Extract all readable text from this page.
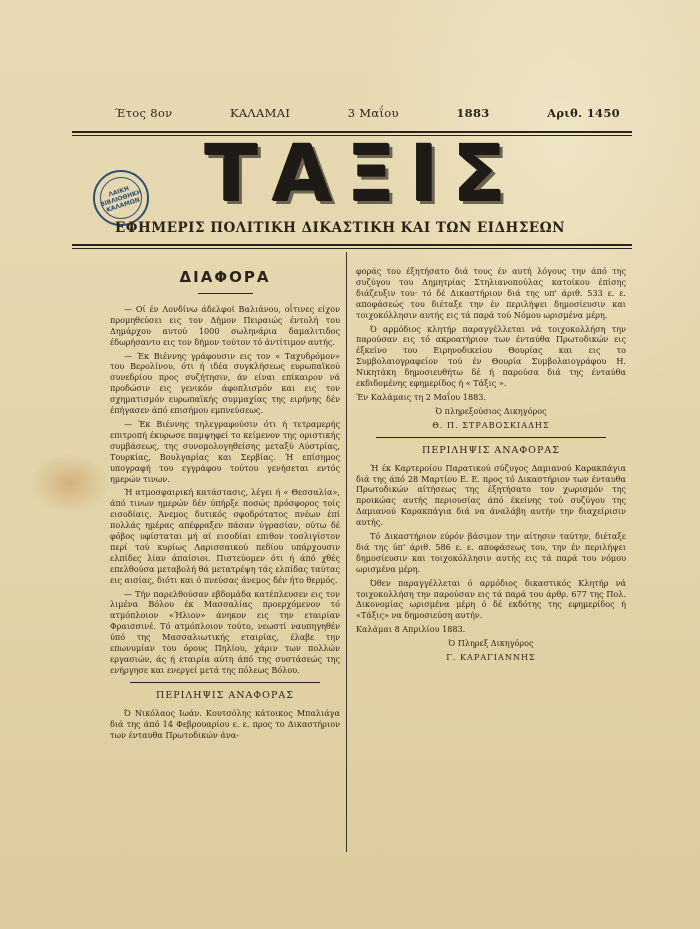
Έτος 8ον	ΚΑΛΑΜΑΙ	3 Μαΐου	1883	Αριθ. 1450
ΛΑΙΚΗ ΒΙΒΛΙΟΘΗΚΗ ΚΑΛΑΜΩΝ ΤΑΞΙΣ
ΕΦΗΜΕΡΙΣ ΠΟΛΙΤΙΚΗ ΔΙΚΑΣΤΙΚΗ ΚΑΙ ΤΩΝ ΕΙΔΗΣΕΩΝ
ΔΙΑΦΟΡΑ

— Οί έν Λονδίνω άδελφοί Βαλιάνου, οΐτινες είχον προμηθεύσει εις τον Δήμον Πειραιώς έντολή του Δημάρχου αυτού 1000 σωληνάρια δαμαλιτιδος έδωρήσαντο εις τον δήμον τούτον τό άντίτιμον αυτής.

— Έκ Βιέννης γράφουσιν εις τον « Ταχυδρόμον» του Βερολίνου, ότι ή ιδέα συγκλήσεως ευρωπαϊκού συνεδρίου προς συζήτησιν, άν είναι επίκαιρον νά προδώσιν εις γενικόν άφοπλισμόν και εις τον σχηματισμόν ευρωπαϊκής συμμαχίας της ειρήνης δέν έπήγασεν άπό επισήμου εμπνεύσεως.

— Έκ Βιέννης τηλεγραφούσιν ότι ή τετραμερής επιτροπή έκυρωσε παμψηφεί το κείμενον της οριστικής συμβάσεως, της συνομολογηθείσης μεταξύ Αύστρίας, Τουρκίας, Βουλγαρίας και Σερβίας. Ή επίσημος υπογραφή του εγγράφου τούτου γενήσεται εντός ημερών τινων.

Ή ατμοσφαιρική κατάστασις, λέγει ή « Θεσσαλία», άπό τινων ημερών δέν ύπήρξε ποσώς πρόσφορος τοίς εισοδίαις. Άνεμος δυτικός σφοδρότατος πνέων έπί πολλάς ημέρας απέφραξεν πάσαν ύγρασίαν, ούτω δέ φόβος υφίσταται μή αί εισοδίαι επιθον τοσλιγίστον περί τού κυρίως Λαρισσαικού πεδίου υπάρχουσιν ελπίδες λίαν άπαίσιοι. Πιστεύομεν ότι ή άπό χθές επελθούσα μεταβολή θά μετατρέψη τάς ελπίδας ταύτας εις αισίας, διότι και ό πνεύσας άνεμος δέν ήτο θερμός.

— Τήν παρελθούσαν εβδομάδα κατέπλευσεν εις τον λιμένα Βόλου έκ Μασσαλίας προερχόμενον τό ατμόπλοιον «Ήλιον» άνηκον εις την εταιρίαν Φραισσινέ. Τό ατμόπλοιον τούτο, νεωστί ναυπηγηθέν ύπό της Μασσαλιωτικής εταιρίας, έλαβε την επωνυμίαν του όρους Πηλίου, χάριν των πολλών εργασιών, άς ή εταιρία αύτη άπό της συστάσεώς της ενήργησε και ενεργεί μετά της πόλεως Βόλου.

ΠΕΡΙΛΗΨΙΣ ΑΝΑΦΟΡΑΣ

Ό Νικόλαος Ιωάν. Κουτσόλης κάτοικος Μπαλιάγα διά της άπό 14 Φεβρουαρίου ε. ε. προς το Δικαστήριον των ένταυθα Πρωτοδικών άνα-

φοράς του έξητήσατο διά τους έν αυτή λόγους την άπό της συζύγου του Δημητρίας Στηλιανοπούλας κατοίκου έπίσης διάζευξιν του· τό δέ Δικαστήριον διά της υπ' άριθ. 533 ε. ε. αποφάσεώς του διέταξε την έν περιλήψει δημοσίευσιν και τοιχοκόλλησιν αυτής εις τά παρά τού Νόμου ωρισμένα μέρη.

Ό αρμόδιος κλητήρ παραγγέλλεται νά τοιχοκολλήση την παρούσαν εις τό ακροατήριον των ένταύθα Πρωτοδικών εις έξκείνο του Ειρηνοδικείου Θουρίας και εις το Συμβολαιογραφείον τού έν Θουρία Συμβολαιογράφου Η. Νικητάκη δημοσιευθήτω δέ ή παρούσα διά της ένταύθα εκδιδομένης εφημερίδος ή « Τάξις ».

Έν Καλάμαις τη 2 Μαΐου 1883.

Ό πληρεξούσιος Δικηγόρος

Θ. Π. ΣΤΡΑΒΟΣΚΙΑΔΗΣ

ΠΕΡΙΛΗΨΙΣ ΑΝΑΦΟΡΑΣ

Ή έκ Καρτεροίου Παρατικού σύζυγος Δαμιανού Καρακπάγια διά της άπό 28 Μαρτίου Ε. Ε. προς τό Δικαστήριον των ένταυθα Πρωτοδικών αίτήσεως της έξητήσατο τον χωρισμόν της προικώας αυτής περιουσίας άπό έκείνης τού συζύγου της Δαμιανού Καρακπάγια διά να άναλάβη αυτήν την διαχείρισιν αυτής.

Τό Δικαστήριον εύρόν βάσιμον την αίτησιν ταύτην, διέταξε διά της ύπ' άριθ. 586 ε. ε. αποφάσεως του, την έν περιλήψει δημοσίευσιν και τοιχοκόλλησιν αυτής εις τά παρά του νόμου ωρισμένα μέρη.

Όθεν παραγγέλλεται ό αρμόδιος δικαστικός Κλητήρ νά τοιχοκολλήση την παρούσαν εις τά παρά του άρθρ. 677 της Πολ. Δικονομίας ωρισμένα μέρη ό δέ εκδότης της εφημερίδος ή «Τάξις» να δημοσιεύση αυτήν.

Καλάμαι 8 Απριλίου 1883.

Ό Πληρεξ Δικηγόρος

Γ. ΚΑΡΑΓΙΑΝΝΗΣ
